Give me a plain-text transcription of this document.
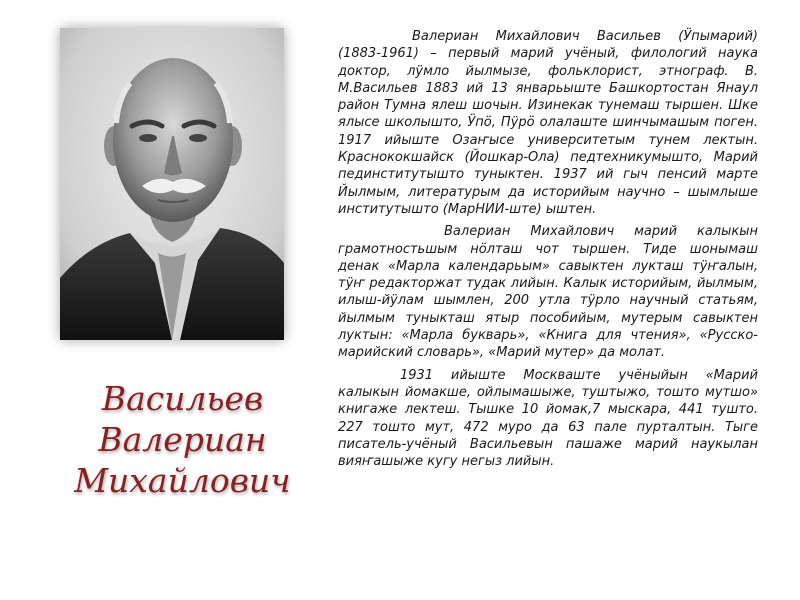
Васильев
Валериан
Михайлович

Валериан Михайлович Васильев (Ӱпымарий) (1883-1961) – первый марий учёный, филологий наука доктор, лӱмло йылмызе, фольклорист, этнограф. В. М.Васильев 1883 ий 13 январьыште Башкортостан Янаул район Тумна ялеш шочын. Изинекак тунемаш тыршен. Шке ялысе школышто, Ӱпӧ, Пӱрӧ олалаште шинчымашым поген. 1917 ийыште Озаҥысе университетым тунем лектын. Краснококшайск (Йошкар-Ола) педтехникумышто, Марий пединститутышто туныктен. 1937 ий гыч пенсий марте Йылмым, литературым да историйым научно – шымлыше институтышто (МарНИИ-ште) ыштен.

Валериан Михайлович марий калыкын грамотностьшым нӧлташ чот тыршен. Тиде шонымаш денак «Марла календарьым» савыктен лукташ тӱҥалын, тӱҥ редакторжат тудак лийын. Калык историйым, йылмым, илыш-йӱлам шымлен, 200 утла тӱрло научный статьям, йылмым туныкташ ятыр пособийым, мутерым савыктен луктын: «Марла букварь», «Книга для чтения», «Русско-марийский словарь», «Марий мутер» да молат.

1931 ийыште Москваште учёныйын «Марий калыкын йомакше, ойлымашыже, туштыжо, тошто мутшо» книгаже лектеш. Тышке 10 йомак,7 мыскара, 441 тушто. 227 тошто мут, 472 муро да 63 пале пурталтын. Тыге писатель-учёный Васильевын пашаже марий наукылан вияҥашыже кугу негыз лийын.
